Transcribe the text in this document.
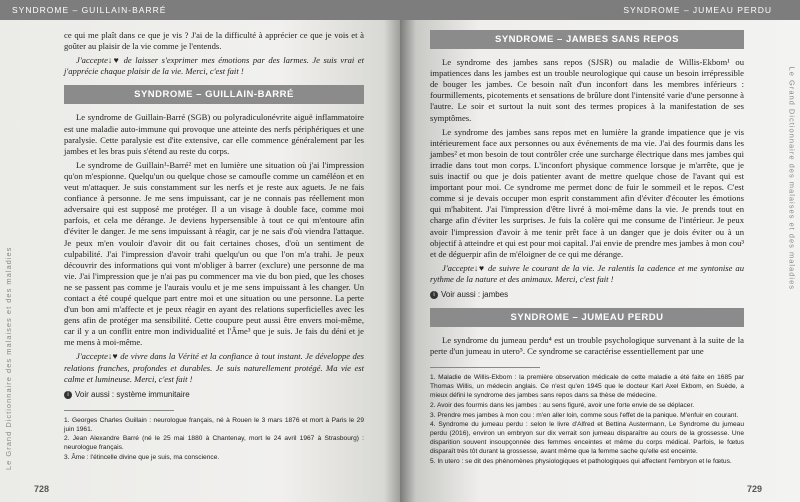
SYNDROME – GUILLAIN-BARRÉ
Le Grand Dictionnaire des malaises et des maladies
728

ce qui me plaît dans ce que je vis ? J'ai de la difficulté à apprécier ce que je vois et à goûter au plaisir de la vie comme je l'entends.

J'accepte↓♥ de laisser s'exprimer mes émotions par des larmes. Je suis vrai et j'apprécie chaque plaisir de la vie. Merci, c'est fait !

SYNDROME – GUILLAIN-BARRÉ

Le syndrome de Guillain-Barré (SGB) ou polyradiculonévrite aiguë inflammatoire est une maladie auto-immune qui provoque une atteinte des nerfs périphériques et une paralysie. Cette paralysie est d'ite extensive, car elle commence généralement par les jambes et les bras puis s'étend au reste du corps.

Le syndrome de Guillain¹-Barré² met en lumière une situation où j'ai l'impression qu'on m'espionne. Quelqu'un ou quelque chose se camoufle comme un caméléon et en veut m'attaquer. Je suis constamment sur les nerfs et je reste aux aguets. Je ne fais confiance à personne. Je me sens impuissant, car je ne connais pas réellement mon adversaire qui est supposé me protéger. Il a un visage à double face, comme moi parfois, et cela me dérange. Je deviens hypersensible à tout ce qui m'entoure afin d'éviter le danger. Je me sens impuissant à réagir, car je ne sais d'où viendra l'attaque. Je peux m'en vouloir d'avoir dit ou fait certaines choses, d'où un sentiment de culpabilité. J'ai l'impression d'avoir trahi quelqu'un ou que l'on m'a trahi. Je peux découvrir des informations qui vont m'obliger à barrer (exclure) une personne de ma vie. J'ai l'impression que je n'ai pas pu commencer ma vie du bon pied, que les choses ne se passent pas comme je l'aurais voulu et je me sens impuissant à les changer. Un contact a été coupé quelque part entre moi et une situation ou une personne. La perte d'un bon ami m'affecte et je peux réagir en ayant des relations superficielles avec les gens afin de protéger ma sensibilité. Cette coupure peut aussi être envers moi-même, car il y a un conflit entre mon individualité et l'Âme³ que je suis. Je fais du déni et je me mens à moi-même.

J'accepte↓♥ de vivre dans la Vérité et la confiance à tout instant. Je développe des relations franches, profondes et durables. Je suis naturellement protégé. Ma vie est calme et lumineuse. Merci, c'est fait !

i Voir aussi : système immunitaire
1. Georges Charles Guillain : neurologue français, né à Rouen le 3 mars 1876 et mort à Paris le 29 juin 1961.
2. Jean Alexandre Barré (né le 25 mai 1880 à Chantenay, mort le 24 avril 1967 à Strasbourg) : neurologue français.
3. Âme : l'étincelle divine que je suis, ma conscience.
SYNDROME – JUMEAU PERDU
Le Grand Dictionnaire des malaises et des maladies
729
SYNDROME – JAMBES SANS REPOS

Le syndrome des jambes sans repos (SJSR) ou maladie de Willis-Ekbom¹ ou impatiences dans les jambes est un trouble neurologique qui cause un besoin irrépressible de bouger les jambes. Ce besoin naît d'un inconfort dans les membres inférieurs : fourmillements, picotements et sensations de brûlure dont l'intensité varie d'une personne à l'autre. Le soir et surtout la nuit sont des termes propices à la manifestation de ses symptômes.

Le syndrome des jambes sans repos met en lumière la grande impatience que je vis intérieurement face aux personnes ou aux événements de ma vie. J'ai des fourmis dans les jambes² et mon besoin de tout contrôler crée une surcharge électrique dans mes jambes qui irradie dans tout mon corps. L'inconfort physique commence lorsque je m'arrête, que je suis inactif ou que je dois patienter avant de mettre quelque chose de l'avant qui est important pour moi. Ce syndrome me permet donc de fuir le sommeil et le repos. C'est comme si je devais occuper mon esprit constamment afin d'éviter d'écouter les émotions qui m'habitent. J'ai l'impression d'être livré à moi-même dans la vie. Je prends tout en charge afin d'éviter les surprises. Je fuis la colère qui me consume de l'intérieur. Je peux avoir l'impression d'avoir à me tenir prêt face à un danger que je dois éviter ou à un objectif à atteindre et qui est pour moi capital. J'ai envie de prendre mes jambes à mon cou³ et de déguerpir afin de m'éloigner de ce qui me dérange.

J'accepte↓♥ de suivre le courant de la vie. Je ralentis la cadence et me syntonise au rythme de la nature et des animaux. Merci, c'est fait !

i Voir aussi : jambes
SYNDROME – JUMEAU PERDU

Le syndrome du jumeau perdu⁴ est un trouble psychologique survenant à la suite de la perte d'un jumeau in utero⁵. Ce syndrome se caractérise essentiellement par une

1. Maladie de Willis-Ekbom : la première observation médicale de cette maladie a été faite en 1685 par Thomas Willis, un médecin anglais. Ce n'est qu'en 1945 que le docteur Karl Axel Ekbom, en Suède, a mieux défini le syndrome des jambes sans repos dans sa thèse de médecine.
2. Avoir des fourmis dans les jambes : au sens figuré, avoir une forte envie de se déplacer.
3. Prendre mes jambes à mon cou : m'en aller loin, comme sous l'effet de la panique. M'enfuir en courant.
4. Syndrome du jumeau perdu : selon le livre d'Alfred et Bettina Austermann, Le Syndrome du jumeau perdu (2016), environ un embryon sur dix verrait son jumeau disparaître au cours de la grossesse. Une disparition souvent insoupçonnée des femmes enceintes et même du corps médical. Parfois, le fœtus disparaît très tôt durant la grossesse, avant même que la femme sache qu'elle est enceinte.
5. In utero : se dit des phénomènes physiologiques et pathologiques qui affectent l'embryon et le fœtus.
